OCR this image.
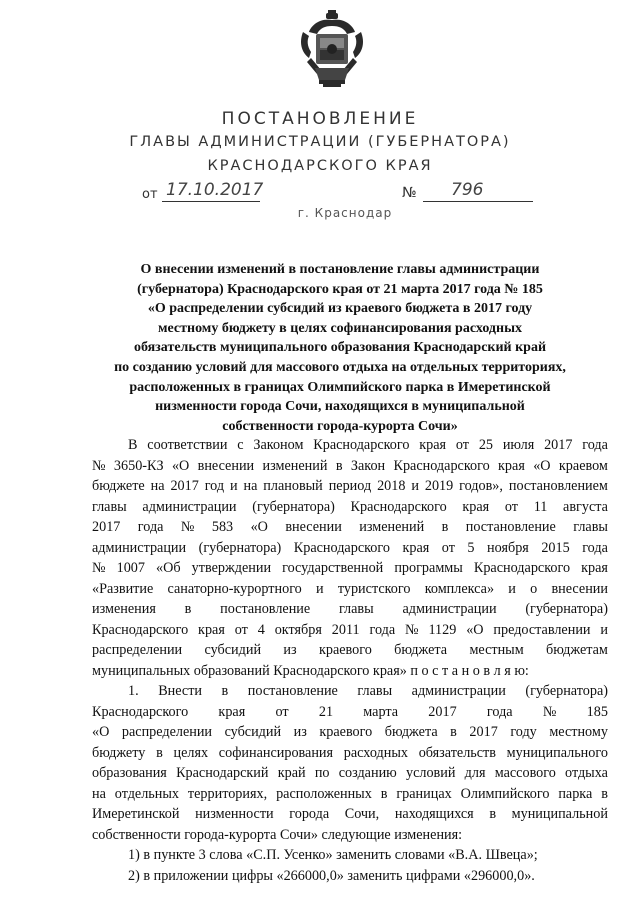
ПОСТАНОВЛЕНИЕ
ГЛАВЫ АДМИНИСТРАЦИИ (ГУБЕРНАТОРА)
КРАСНОДАРСКОГО КРАЯ
от 17.10.2017	№	796
г. Краснодар
О внесении изменений в постановление главы администрации
(губернатора) Краснодарского края от 21 марта 2017 года № 185
«О распределении субсидий из краевого бюджета в 2017 году
местному бюджету в целях софинансирования расходных
обязательств муниципального образования Краснодарский край
по созданию условий для массового отдыха на отдельных территориях,
расположенных в границах Олимпийского парка в Имеретинской
низменности города Сочи, находящихся в муниципальной
собственности города-курорта Сочи»
В соответствии с Законом Краснодарского края от 25 июля 2017 года
№ 3650-КЗ «О внесении изменений в Закон Краснодарского края «О краевом
бюджете на 2017 год и на плановый период 2018 и 2019 годов», постановлением
главы администрации (губернатора) Краснодарского края от 11 августа
2017 года № 583 «О внесении изменений в постановление главы
администрации (губернатора) Краснодарского края от 5 ноября 2015 года
№ 1007 «Об утверждении государственной программы Краснодарского края
«Развитие санаторно-курортного и туристского комплекса» и о внесении
изменения в постановление главы администрации (губернатора)
Краснодарского края от 4 октября 2011 года № 1129 «О предоставлении и
распределении субсидий из краевого бюджета местным бюджетам
муниципальных образований Краснодарского края» п о с т а н о в л я ю:
1. Внести в постановление главы администрации (губернатора)
Краснодарского края от 21 марта 2017 года № 185
«О распределении субсидий из краевого бюджета в 2017 году местному
бюджету в целях софинансирования расходных обязательств муниципального
образования Краснодарский край по созданию условий для массового отдыха
на отдельных территориях, расположенных в границах Олимпийского парка в
Имеретинской низменности города Сочи, находящихся в муниципальной
собственности города-курорта Сочи» следующие изменения:
1) в пункте 3 слова «С.П. Усенко» заменить словами «В.А. Швеца»;
2) в приложении цифры «266000,0» заменить цифрами «296000,0».
